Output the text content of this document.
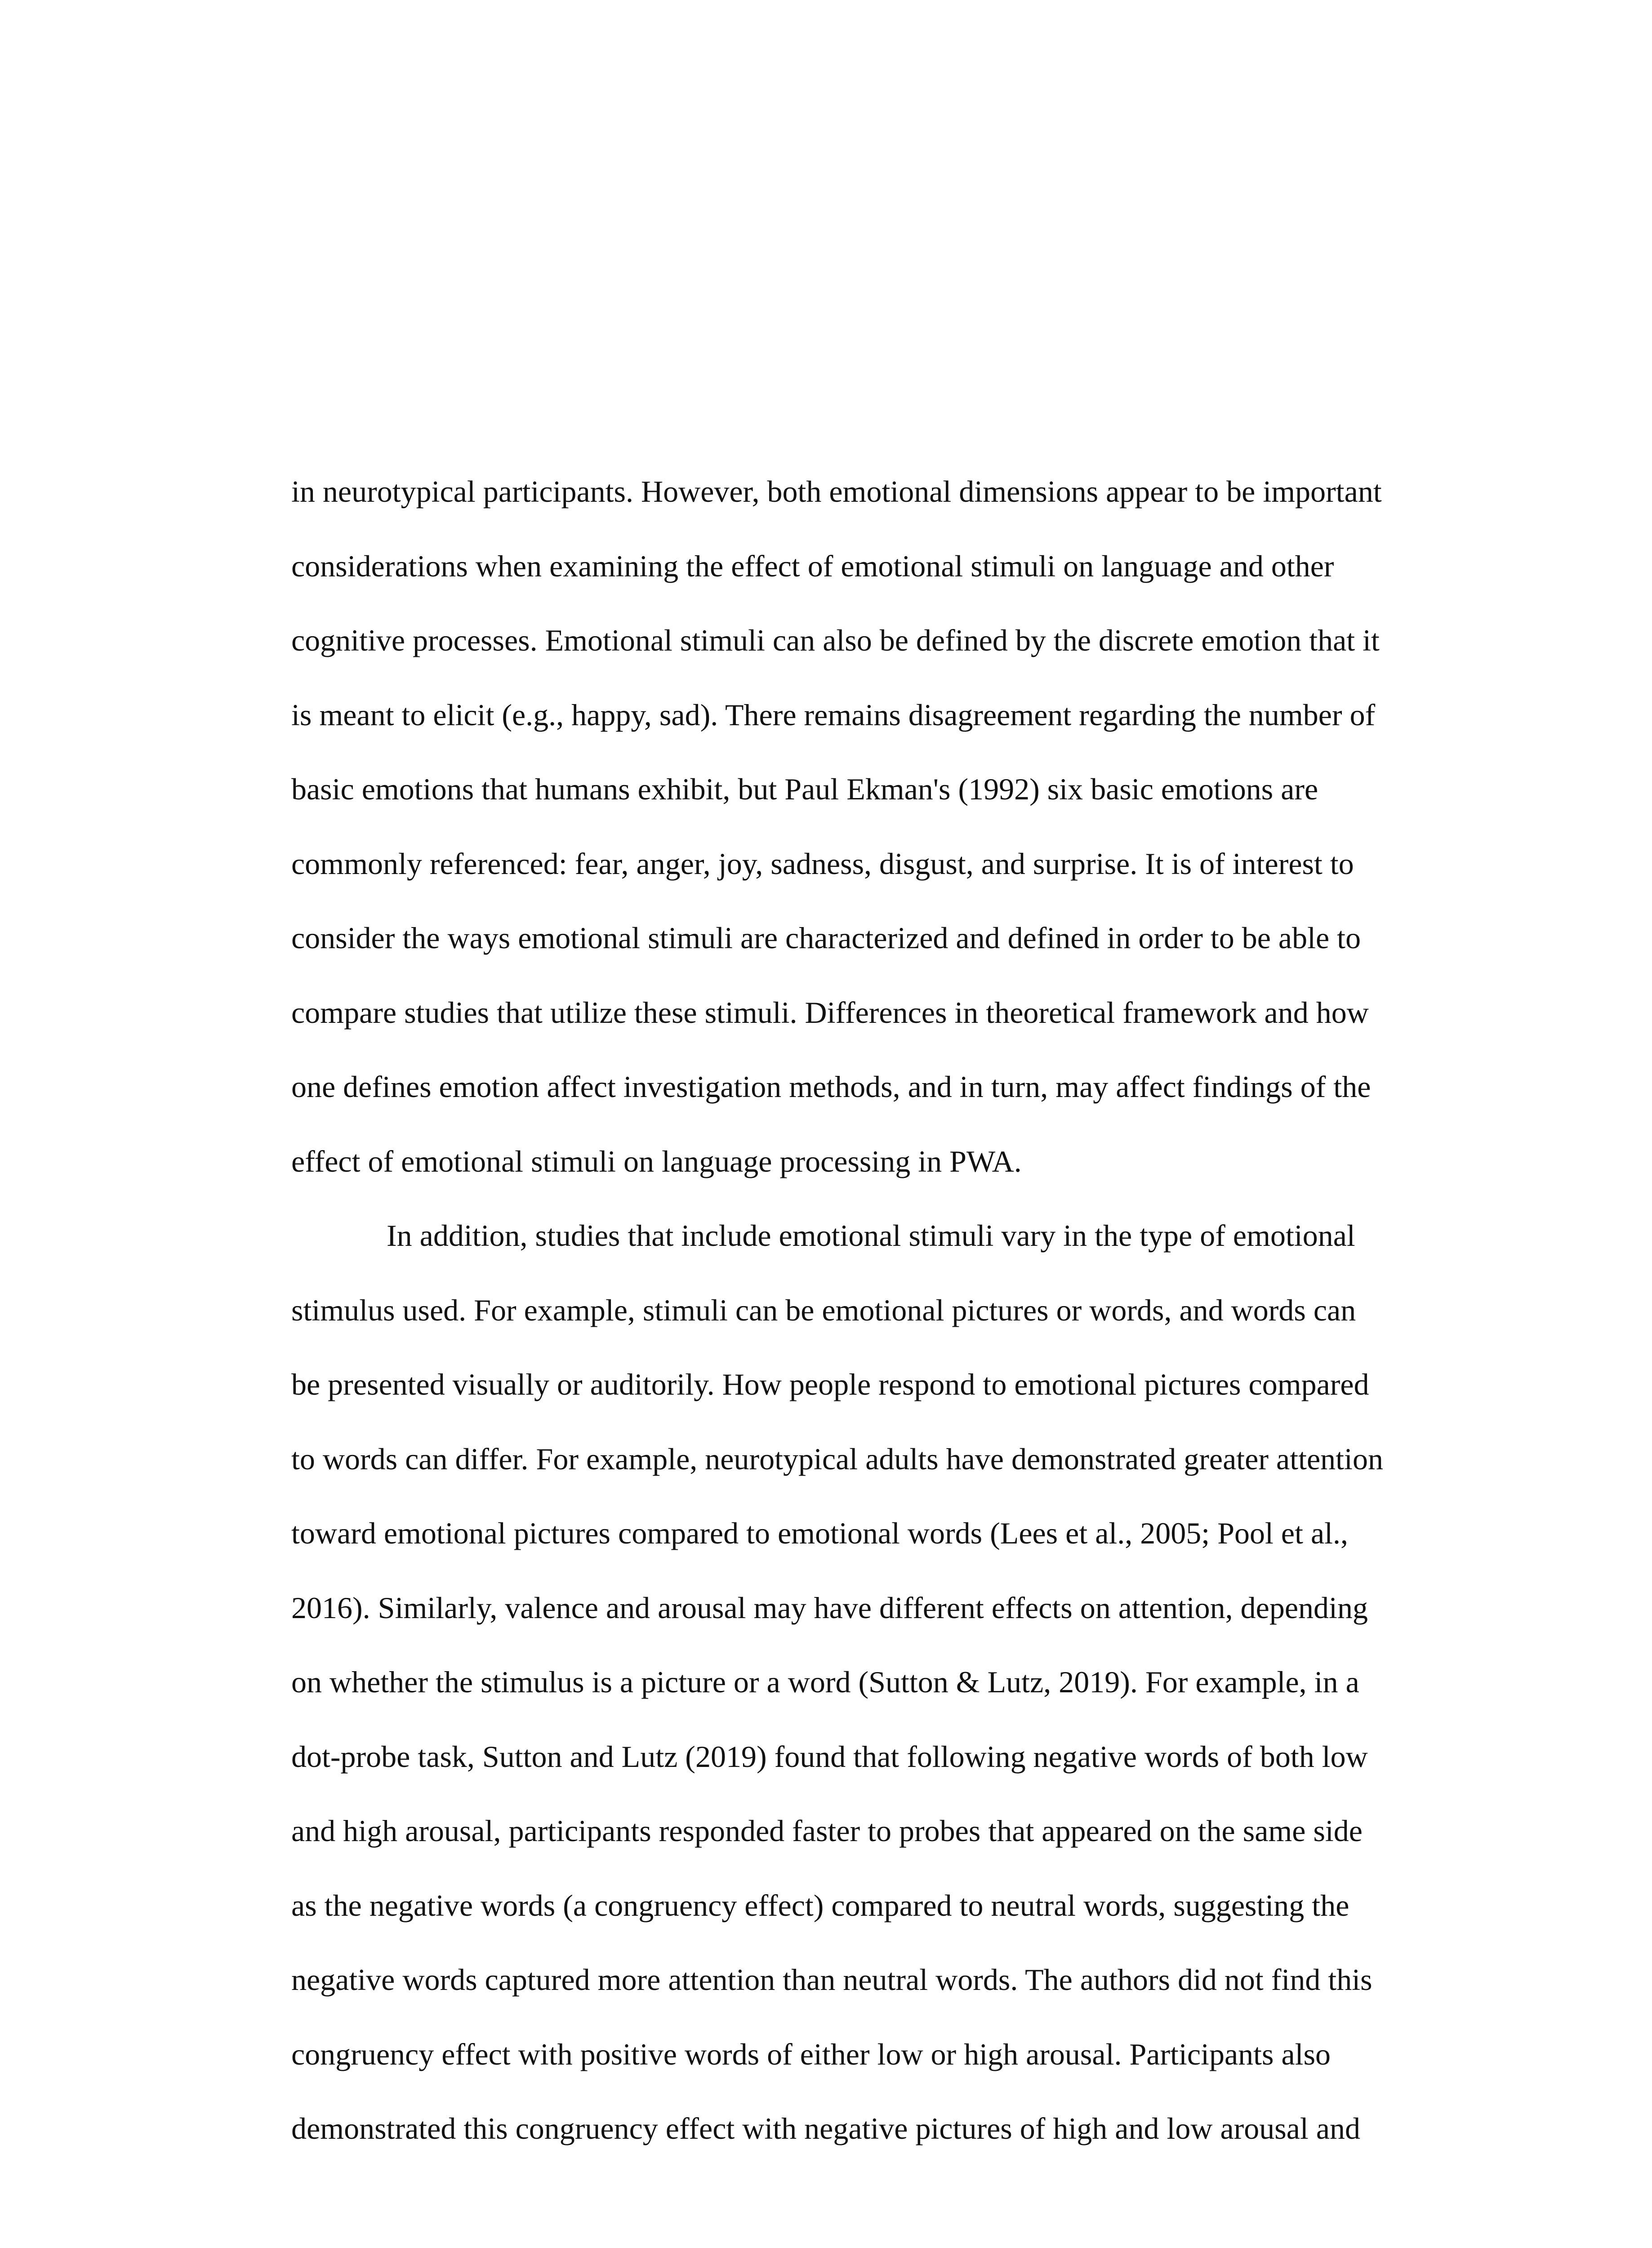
in neurotypical participants. However, both emotional dimensions appear to be important
considerations when examining the effect of emotional stimuli on language and other
cognitive processes. Emotional stimuli can also be defined by the discrete emotion that it
is meant to elicit (e.g., happy, sad). There remains disagreement regarding the number of
basic emotions that humans exhibit, but Paul Ekman's (1992) six basic emotions are
commonly referenced: fear, anger, joy, sadness, disgust, and surprise. It is of interest to
consider the ways emotional stimuli are characterized and defined in order to be able to
compare studies that utilize these stimuli. Differences in theoretical framework and how
one defines emotion affect investigation methods, and in turn, may affect findings of the
effect of emotional stimuli on language processing in PWA.
In addition, studies that include emotional stimuli vary in the type of emotional
stimulus used. For example, stimuli can be emotional pictures or words, and words can
be presented visually or auditorily. How people respond to emotional pictures compared
to words can differ. For example, neurotypical adults have demonstrated greater attention
toward emotional pictures compared to emotional words (Lees et al., 2005; Pool et al.,
2016). Similarly, valence and arousal may have different effects on attention, depending
on whether the stimulus is a picture or a word (Sutton & Lutz, 2019). For example, in a
dot-probe task, Sutton and Lutz (2019) found that following negative words of both low
and high arousal, participants responded faster to probes that appeared on the same side
as the negative words (a congruency effect) compared to neutral words, suggesting the
negative words captured more attention than neutral words. The authors did not find this
congruency effect with positive words of either low or high arousal. Participants also
demonstrated this congruency effect with negative pictures of high and low arousal and
